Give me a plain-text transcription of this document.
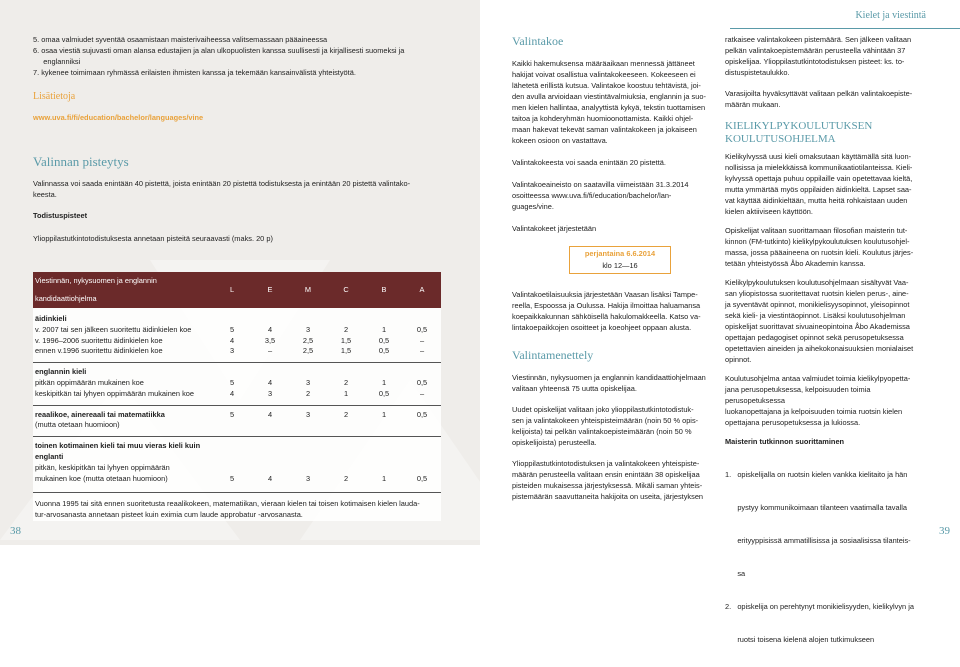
5. omaa valmiudet syventää osaamistaan maisterivaiheessa valitsemassaan pääaineessa
6. osaa viestiä sujuvasti oman alansa edustajien ja alan ulkopuolisten kanssa suullisesti ja kirjallisesti suomeksi ja
englanniksi
7. kykenee toimimaan ryhmässä erilaisten ihmisten kanssa ja tekemään kansainvälistä yhteistyötä.
Lisätietoja
www.uva.fi/fi/education/bachelor/languages/vine
Valinnan pisteytys
Valinnassa voi saada enintään 40 pistettä, joista enintään 20 pistettä todistuksesta ja enintään 20 pistettä valintako-
keesta.
Todistuspisteet
Ylioppilastutkintotodistuksesta annetaan pisteitä seuraavasti (maks. 20 p)
Viestinnän, nykysuomen ja englannin kandidaattiohjelma	L	E	M	C	B	A

äidinkieli						
v. 2007 tai sen jälkeen suoritettu äidinkielen koe	5	4	3	2	1	0,5
v. 1996–2006 suoritettu äidinkielen koe	4	3,5	2,5	1,5	0,5	–
ennen v.1996 suoritettu äidinkielen koe	3	–	2,5	1,5	0,5	–

englannin kieli						
pitkän oppimäärän mukainen koe	5	4	3	2	1	0,5
keskipitkän tai lyhyen oppimäärän mukainen koe	4	3	2	1	0,5	–

reaalikoe, ainereaali tai matematiikka	5	4	3	2	1	0,5
(mutta otetaan huomioon)						

toinen kotimainen kieli tai muu vieras kieli kuin						
englanti						
pitkän, keskipitkän tai lyhyen oppimäärän						
mukainen koe (mutta otetaan huomioon)	5	4	3	2	1	0,5

Vuonna 1995 tai sitä ennen suoritetusta reaalikokeen, matematiikan, vieraan kielen tai toisen kotimaisen kielen lauda-						
tur-arvosanasta annetaan pisteet kuin eximia cum laude approbatur -arvosanasta.						
38
Kielet ja viestintä
Valintakoe
Kaikki hakemuksensa määräaikaan mennessä jättäneet
hakijat voivat osallistua valintakokeeseen. Kokeeseen ei
lähetetä erillistä kutsua. Valintakoe koostuu tehtävistä, joi-
den avulla arvioidaan viestintävalmiuksia, englannin ja suo-
men kielen hallintaa, analyyttistä kykyä, tekstin tuottamisen
taitoa ja kohderyhmän huomioonottamista. Kaikki ohjel-
maan hakevat tekevät saman valintakokeen ja jokaiseen
kokeen osioon on vastattava.
Valintakokeesta voi saada enintään 20 pistettä.
Valintakoeaineisto on saatavilla viimeistään 31.3.2014
osoitteessa www.uva.fi/fi/education/bachelor/lan-
guages/vine.
Valintakokeet järjestetään
perjantaina 6.6.2014
klo 12—16
Valintakoetilaisuuksia järjestetään Vaasan lisäksi Tampe-
reella, Espoossa ja Oulussa. Hakija ilmoittaa haluamansa
koepaikkakunnan sähköisellä hakulomakkeella. Katso va-
lintakoepaikkojen osoitteet ja koeohjeet oppaan alusta.
Valintamenettely
Viestinnän, nykysuomen ja englannin kandidaattiohjelmaan
valitaan yhteensä 75 uutta opiskelijaa.
Uudet opiskelijat valitaan joko ylioppilastutkintotodistuk-
sen ja valintakokeen yhteispisteimäärän (noin 50 % opis-
kelijoista) tai pelkän valintakoepisteimäärän (noin 50 %
opiskelijoista) perusteella.
Ylioppilastutkintotodistuksen ja valintakokeen yhteispiste-
määrän perusteella valitaan ensin enintään 38 opiskelijaa
pisteiden mukaisessa järjestyksessä. Mikäli saman yhteis-
pistemäärän saavuttaneita hakijoita on useita, järjestyksen
ratkaisee valintakokeen pistemäärä. Sen jälkeen valitaan
pelkän valintakoepistemäärän perusteella vähintään 37
opiskelijaa. Ylioppilastutkintotodistuksen pisteet: ks. to-
distuspistetaulukko.
Varasijoilta hyväksyttävät valitaan pelkän valintakoepiste-
määrän mukaan.
KIELIKYLPYKOULUTUKSEN
KOULUTUSOHJELMA
Kielikylvyssä uusi kieli omaksutaan käyttämällä sitä luon-
nollisissa ja mielekkäissä kommunikaatiotilanteissa. Kieli-
kylvyssä opettaja puhuu oppilaille vain opetettavaa kieltä,
mutta ymmärtää myös oppilaiden äidinkieltä. Lapset saa-
vat käyttää äidinkieltään, mutta heitä rohkaistaan uuden
kielen aktiiviseen käyttöön.
Opiskelijat valitaan suorittamaan filosofian maisterin tut-
kinnon (FM-tutkinto) kielikylpykoulutuksen koulutusohjel-
massa, jossa pääaineena on ruotsin kieli. Koulutus järjes-
tetään yhteistyössä Åbo Akademin kanssa.
Kielikylpykoulutuksen koulutusohjelmaan sisältyvät Vaa-
san yliopistossa suoritettavat ruotsin kielen perus-, aine-
ja syventävät opinnot, monikielisyysopinnot, yleisopinnot
sekä kieli- ja viestintäopinnot. Lisäksi koulutusohjelman
opiskelijat suorittavat sivuaineopintoina Åbo Akademissa
opettajan pedagogiset opinnot sekä perusopetuksessa
opetettavien aineiden ja aihekokonaisuuksien monialaiset
opinnot.
Koulutusohjelma antaa valmiudet toimia kielikylpyopetta-
jana perusopetuksessa, kelpoisuuden toimia perusopetuksessa
luokanopettajana ja kelpoisuuden toimia ruotsin kielen
opettajana perusopetuksessa ja lukiossa.
Maisterin tutkinnon suorittaminen

1.   opiskelijalla on ruotsin kielen vankka kielitaito ja hän

pystyy kommunikoimaan tilanteen vaatimalla tavalla

erityyppisissä ammatillisissa ja sosiaalisissa tilanteis-

sa

2.   opiskelija on perehtynyt monikielisyyden, kielikylvyn ja

ruotsi toisena kielenä alojen tutkimukseen

39
